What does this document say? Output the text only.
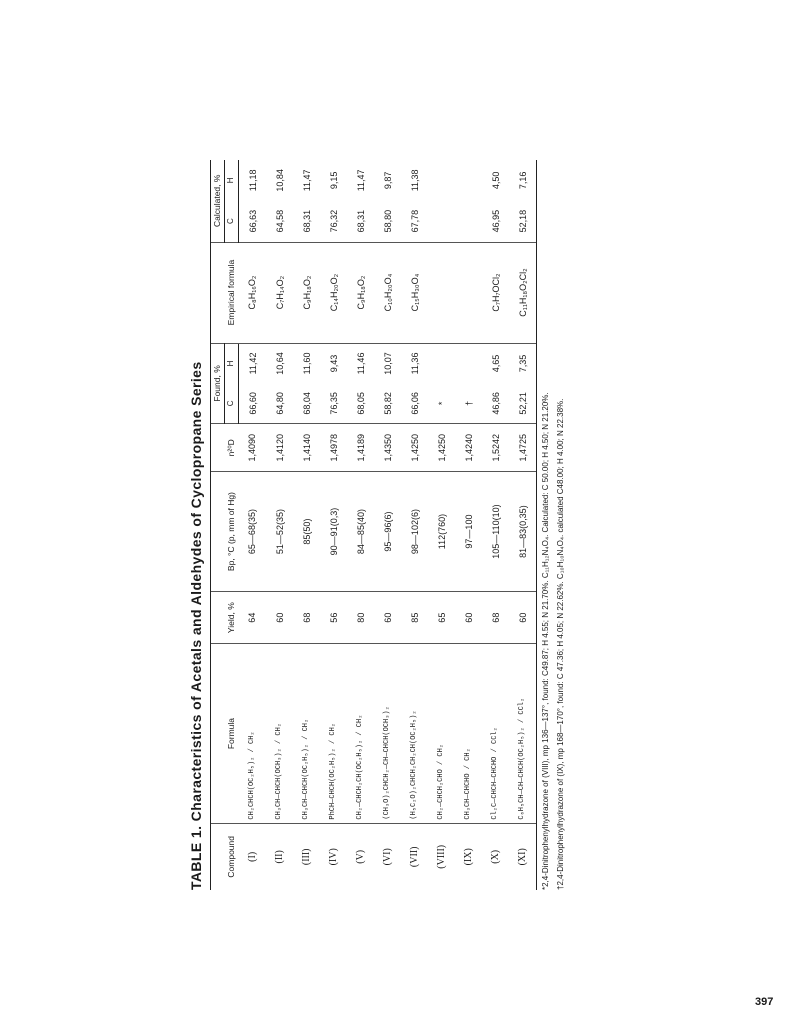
TABLE 1. Characteristics of Acetals and Aldehydes of Cyclopropane Series	Compound	Formula	Yield, %	Bp, °C (p, mm of Hg)	n²⁰D	Found, %		Empirical formula	Calculated, %	
					C	H		C	H
(I)	CH₂CHCH(OC₂H₅)₂ / CH₂	64	65—68(35)	1,4090	66,60	11,42	C₈H₁₆O₂	66,63	11,18
(II)	CH₃CH—CHCH(OCH₃)₂ / CH₂	60	51—52(35)	1,4120	64,80	10,64	C₇H₁₄O₂	64,58	10,84
(III)	CH₃CH—CHCH(OC₂H₅)₂ / CH₂	68	85(50)	1,4140	68,04	11,60	C₉H₁₈O₂	68,31	11,47
(IV)	PhCH—CHCH(OC₂H₅)₂ / CH₂	56	90—91(0,3)	1,4978	76,35	9,43	C₁₄H₂₀O₂	76,32	9,15
(V)	CH₂—CHCH₂CH(OC₂H₅)₂ / CH₂	80	84—85(40)	1,4189	68,05	11,46	C₉H₁₈O₂	68,31	11,47
(VI)	(CH₃O)₂CHCH₂—CH—CHCH(OCH₃)₂	60	95—96(6)	1,4350	58,82	10,07	C₁₀H₂₀O₄	58,80	9,87
(VII)	(H₅C₂O)₂CHCH₂CH₂CH(OC₂H₅)₂	85	98—102(6)	1,4250	66,06	11,36	C₁₅H₃₀O₄	67,78	11,38
(VIII)	CH₂—CHCH₂CHO / CH₂	65	112(760)	1,4250	*				
(IX)	CH₃CH—CHCHO / CH₂	60	97—100	1,4240	†				
(X)	Cl₂C—CHCH—CHCHO / CCl₂	68	105—110(10)	1,5242	46,86	4,65	C₇H₇OCl₂	46,95	4,50
(XI)	C₆H₅CH—CH—CHCH(OC₂H₅)₂ / CCl₂	60	81—83(0,35)	1,4725	52,21	7,35	C₁₁H₁₈O₂Cl₂	52,18	7,16
*2,4-Dinitrophenylhydrazone of (VIII), mp 136—137°, found: C49.87; H 4.55; N 21.70%. C₁₁H₁₂N₄O₄. Calculated: C 50.00; H 4.50; N 21.20%. †2,4-Dinitrophenylhydrazone of (IX), mp 168—170°, found: C 47.36; H 4.05; N 22.62%. C₁₀H₁₀N₄O₄. calculated C48.00; H 4.00; N 22.38%.
397
